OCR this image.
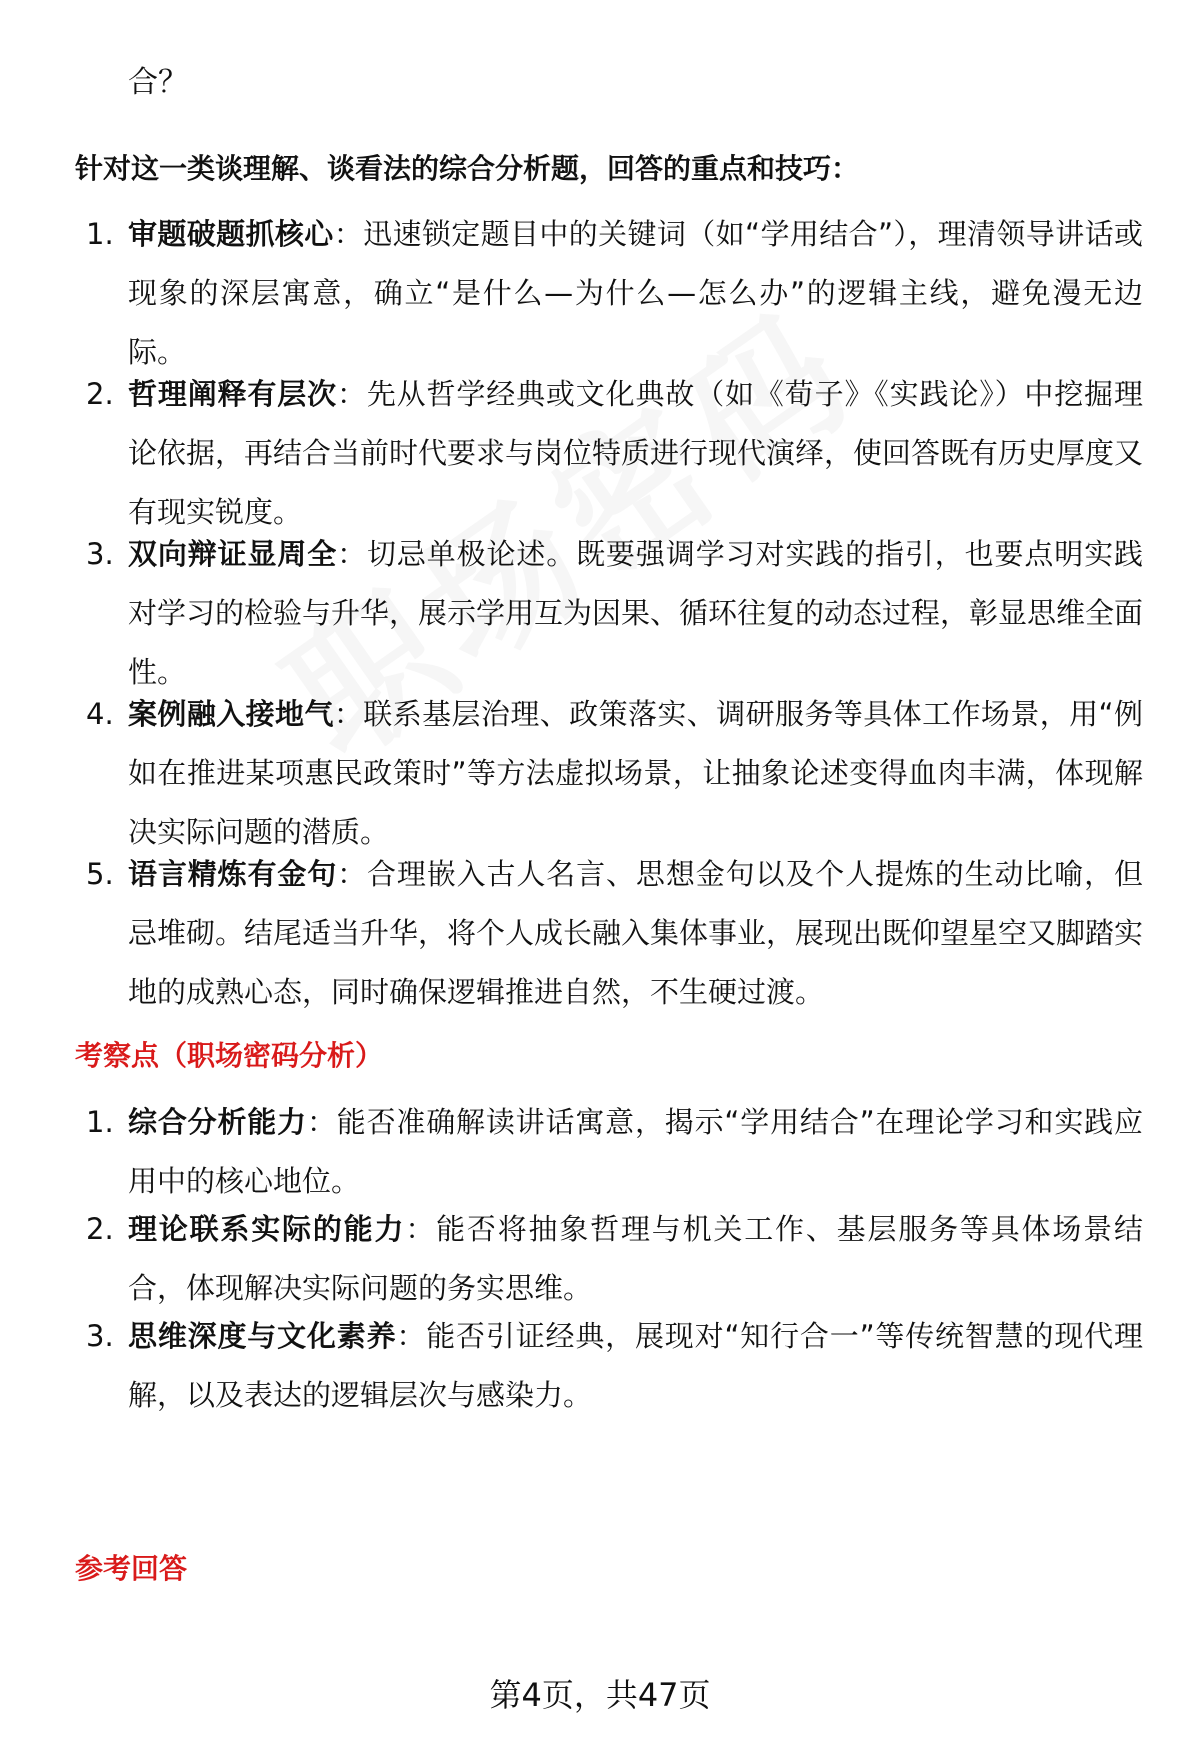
合？
针对这一类谈理解、谈看法的综合分析题，回答的重点和技巧：
1. 审题破题抓核心：迅速锁定题目中的关键词（如“学用结合”），理清领导讲话或现象的深层寓意，确立“是什么—为什么—怎么办”的逻辑主线，避免漫无边际。
2. 哲理阐释有层次：先从哲学经典或文化典故（如《荀子》《实践论》）中挖掘理论依据，再结合当前时代要求与岗位特质进行现代演绎，使回答既有历史厚度又有现实锐度。
3. 双向辩证显周全：切忌单极论述。既要强调学习对实践的指引，也要点明实践对学习的检验与升华，展示学用互为因果、循环往复的动态过程，彰显思维全面性。
4. 案例融入接地气：联系基层治理、政策落实、调研服务等具体工作场景，用“例如在推进某项惠民政策时”等方法虚拟场景，让抽象论述变得血肉丰满，体现解决实际问题的潜质。
5. 语言精炼有金句：合理嵌入古人名言、思想金句以及个人提炼的生动比喻，但忌堆砌。结尾适当升华，将个人成长融入集体事业，展现出既仰望星空又脚踏实地的成熟心态，同时确保逻辑推进自然，不生硬过渡。
考察点（职场密码分析）
1. 综合分析能力：能否准确解读讲话寓意，揭示“学用结合”在理论学习和实践应用中的核心地位。
2. 理论联系实际的能力：能否将抽象哲理与机关工作、基层服务等具体场景结合，体现解决实际问题的务实思维。
3. 思维深度与文化素养：能否引证经典，展现对“知行合一”等传统智慧的现代理解，以及表达的逻辑层次与感染力。
参考回答
第4页，共47页
